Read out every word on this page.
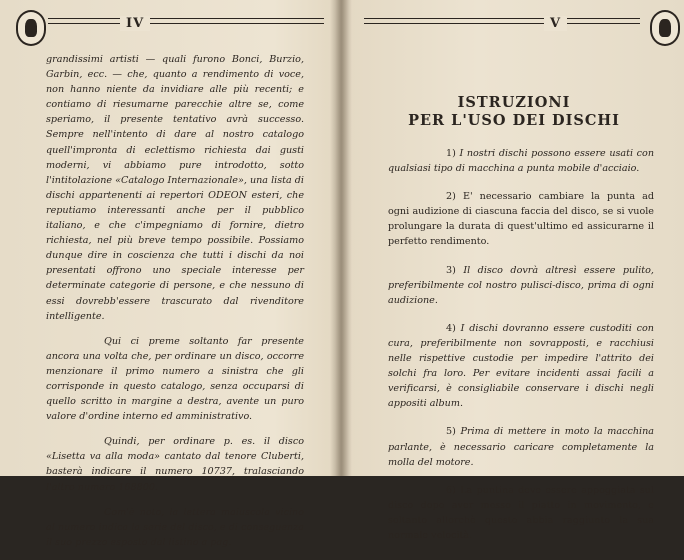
IV

grandissimi artisti — quali furono Bonci, Burzio, Garbin, ecc. — che, quanto a rendimento di voce, non hanno niente da invidiare alle più recenti; e contiamo di riesumarne parecchie altre se, come speriamo, il presente tentativo avrà successo. Sempre nell'intento di dare al nostro catalogo quell'impronta di eclettismo richiesta dai gusti moderni, vi abbiamo pure introdotto, sotto l'intitolazione «Catalogo Internazionale», una lista di dischi appartenenti ai repertori ODEON esteri, che reputiamo interessanti anche per il pubblico italiano, e che c'impegniamo di fornire, dietro richiesta, nel più breve tempo possibile. Possiamo dunque dire in coscienza che tutti i dischi da noi presentati offrono uno speciale interesse per determinate categorie di persone, e che nessuno di essi dovrebb'essere trascurato dal rivenditore intelligente.

Qui ci preme soltanto far presente ancora una volta che, per ordinare un disco, occorre menzionare il primo numero a sinistra che gli corrisponde in questo catalogo, senza occuparsi di quello scritto in margine a destra, avente un puro valore d'ordine interno ed amministrativo.

Quindi, per ordinare p. es. il disco «Lisetta va alla moda» cantato dal tenore Cluberti, basterà indicare il numero 10737, tralasciando l'altro numero 168800.

Com'è noto, la lettera maiuscola vicino al numero indica la serie del disco, e di conseguenza il suo prezzo esposto dal listino a pag.

V
ISTRUZIONI
PER L'USO DEI DISCHI

1) I nostri dischi possono essere usati con qualsiasi tipo di macchina a punta mobile d'acciaio.

2) E' necessario cambiare la punta ad ogni audizione di ciascuna faccia del disco, se si vuole prolungare la durata di quest'ultimo ed assicurarne il perfetto rendimento.

3) Il disco dovrà altresì essere pulito, preferibilmente col nostro pulisci-disco, prima di ogni audizione.

4) I dischi dovranno essere custoditi con cura, preferibilmente non sovrapposti, e racchiusi nelle rispettive custodie per impedire l'attrito dei solchi fra loro. Per evitare incidenti assai facili a verificarsi, è consigliabile conservare i dischi negli appositi album.

5) Prima di mettere in moto la macchina parlante, è necessario caricare completamente la molla del motore.

6) La puntina deve essere appoggiata sul disco dopo aver messo il piatto in movimento, e soltanto allorchè questo abbia raggiunto la sua normale velocità.
